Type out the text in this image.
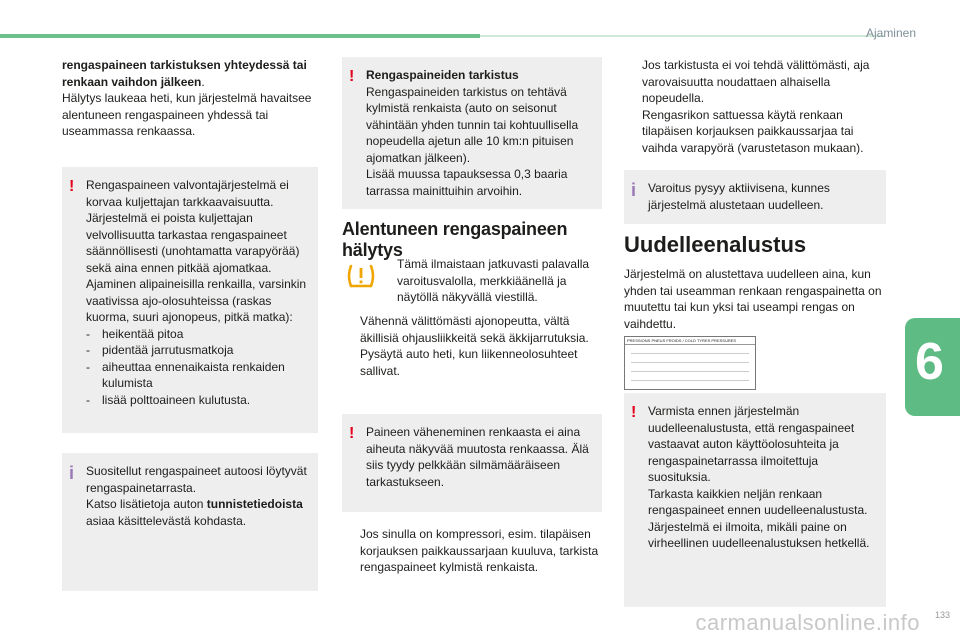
Ajaminen
6
rengaspaineen tarkistuksen yhteydessä tai renkaan vaihdon jälkeen.
Hälytys laukeaa heti, kun järjestelmä havaitsee alentuneen rengaspaineen yhdessä tai useammassa renkaassa.
! Rengaspaineen valvontajärjestelmä ei korvaa kuljettajan tarkkaavaisuutta. Järjestelmä ei poista kuljettajan velvollisuutta tarkastaa rengaspaineet säännöllisesti (unohtamatta varapyörää) sekä aina ennen pitkää ajomatkaa. Ajaminen alipaineisilla renkailla, varsinkin vaativissa ajo-olosuhteissa (raskas kuorma, suuri ajonopeus, pitkä matka):
-	heikentää pitoa
-	pidentää jarrutusmatkoja
-	aiheuttaa ennenaikaista renkaiden kulumista
-	lisää polttoaineen kulutusta.
i Suositellut rengaspaineet autoosi löytyvät rengaspainetarrasta.
Katso lisätietoja auton tunnistetiedoista asiaa käsittelevästä kohdasta.
! Rengaspaineiden tarkistus
Rengaspaineiden tarkistus on tehtävä kylmistä renkaista (auto on seisonut vähintään yhden tunnin tai kohtuullisella nopeudella ajetun alle 10 km:n pituisen ajomatkan jälkeen).
Lisää muussa tapauksessa 0,3 baaria tarrassa mainittuihin arvoihin.
Alentuneen rengaspaineen hälytys
Tämä ilmaistaan jatkuvasti palavalla varoitusvalolla, merkkiäänellä ja näytöllä näkyvällä viestillä.
Vähennä välittömästi ajonopeutta, vältä äkillisiä ohjausliikkeitä sekä äkkijarrutuksia.
Pysäytä auto heti, kun liikenneolosuhteet sallivat.
! Paineen väheneminen renkaasta ei aina aiheuta näkyvää muutosta renkaassa. Älä siis tyydy pelkkään silmämääräiseen tarkastukseen.
Jos sinulla on kompressori, esim. tilapäisen korjauksen paikkaussarjaan kuuluva, tarkista rengaspaineet kylmistä renkaista.
Jos tarkistusta ei voi tehdä välittömästi, aja varovaisuutta noudattaen alhaisella nopeudella.
Rengasrikon sattuessa käytä renkaan tilapäisen korjauksen paikkaussarjaa tai vaihda varapyörä (varustetason mukaan).
i Varoitus pysyy aktiivisena, kunnes järjestelmä alustetaan uudelleen.
Uudelleenalustus
Järjestelmä on alustettava uudelleen aina, kun yhden tai useamman renkaan rengaspainetta on muutettu tai kun yksi tai useampi rengas on vaihdettu.
PRESSIONS PNEUS FROIDS / COLD TYRES PRESSURES
! Varmista ennen järjestelmän uudelleenalustusta, että rengaspaineet vastaavat auton käyttöolosuhteita ja rengaspainetarrassa ilmoitettuja suosituksia.
Tarkasta kaikkien neljän renkaan rengaspaineet ennen uudelleenalustusta.
Järjestelmä ei ilmoita, mikäli paine on virheellinen uudelleenalustuksen hetkellä.
carmanualsonline.info 133
